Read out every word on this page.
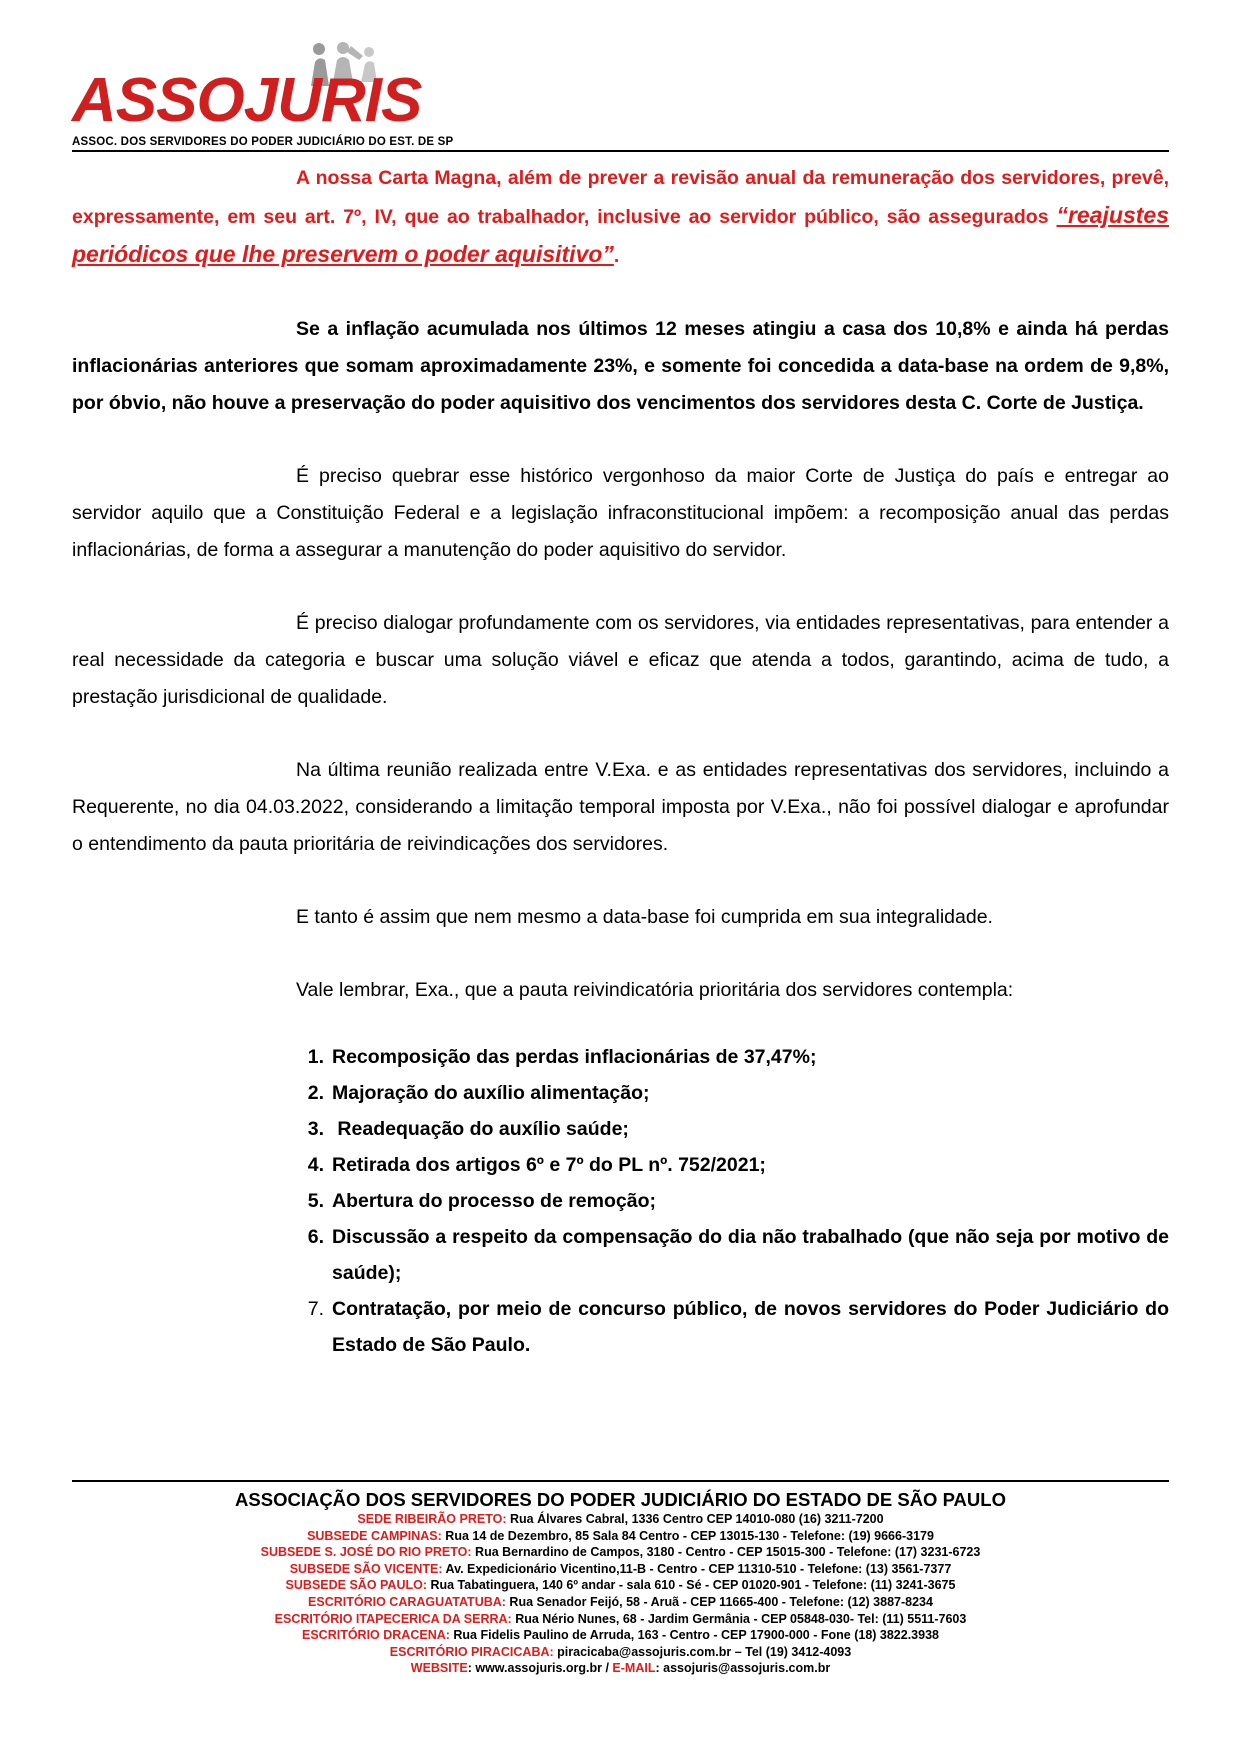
ASSOJURIS
ASSOC. DOS SERVIDORES DO PODER JUDICIÁRIO DO EST. DE SP

A nossa Carta Magna, além de prever a revisão anual da remuneração dos servidores, prevê, expressamente, em seu art. 7º, IV, que ao trabalhador, inclusive ao servidor público, são assegurados “reajustes periódicos que lhe preservem o poder aquisitivo”.

Se a inflação acumulada nos últimos 12 meses atingiu a casa dos 10,8% e ainda há perdas inflacionárias anteriores que somam aproximadamente 23%, e somente foi concedida a data-base na ordem de 9,8%, por óbvio, não houve a preservação do poder aquisitivo dos vencimentos dos servidores desta C. Corte de Justiça.

É preciso quebrar esse histórico vergonhoso da maior Corte de Justiça do país e entregar ao servidor aquilo que a Constituição Federal e a legislação infraconstitucional impõem: a recomposição anual das perdas inflacionárias, de forma a assegurar a manutenção do poder aquisitivo do servidor.

É preciso dialogar profundamente com os servidores, via entidades representativas, para entender a real necessidade da categoria e buscar uma solução viável e eficaz que atenda a todos, garantindo, acima de tudo, a prestação jurisdicional de qualidade.

Na última reunião realizada entre V.Exa. e as entidades representativas dos servidores, incluindo a Requerente, no dia 04.03.2022, considerando a limitação temporal imposta por V.Exa., não foi possível dialogar e aprofundar o entendimento da pauta prioritária de reivindicações dos servidores.

E tanto é assim que nem mesmo a data-base foi cumprida em sua integralidade.

Vale lembrar, Exa., que a pauta reivindicatória prioritária dos servidores contempla:

1. Recomposição das perdas inflacionárias de 37,47%;
2. Majoração do auxílio alimentação;
3. Readequação do auxílio saúde;
4. Retirada dos artigos 6º e 7º do PL nº. 752/2021;
5. Abertura do processo de remoção;
6. Discussão a respeito da compensação do dia não trabalhado (que não seja por motivo de saúde);
7. Contratação, por meio de concurso público, de novos servidores do Poder Judiciário do Estado de São Paulo.
ASSOCIAÇÃO DOS SERVIDORES DO PODER JUDICIÁRIO DO ESTADO DE SÃO PAULO
SEDE RIBEIRÃO PRETO: Rua Álvares Cabral, 1336 Centro CEP 14010-080 (16) 3211-7200
SUBSEDE CAMPINAS: Rua 14 de Dezembro, 85 Sala 84 Centro - CEP 13015-130 - Telefone: (19) 9666-3179
SUBSEDE S. JOSÉ DO RIO PRETO: Rua Bernardino de Campos, 3180 - Centro - CEP 15015-300 - Telefone: (17) 3231-6723
SUBSEDE SÃO VICENTE: Av. Expedicionário Vicentino,11-B - Centro - CEP 11310-510 - Telefone: (13) 3561-7377
SUBSEDE SÃO PAULO: Rua Tabatinguera, 140 6º andar - sala 610 - Sé - CEP 01020-901 - Telefone: (11) 3241-3675
ESCRITÓRIO CARAGUATATUBA: Rua Senador Feijó, 58 - Aruã - CEP 11665-400 - Telefone: (12) 3887-8234
ESCRITÓRIO ITAPECERICA DA SERRA: Rua Nério Nunes, 68 - Jardim Germânia - CEP 05848-030- Tel: (11) 5511-7603
ESCRITÓRIO DRACENA: Rua Fidelis Paulino de Arruda, 163 - Centro - CEP 17900-000 - Fone (18) 3822.3938
ESCRITÓRIO PIRACICABA: piracicaba@assojuris.com.br – Tel (19) 3412-4093
WEBSITE: www.assojuris.org.br / E-MAIL: assojuris@assojuris.com.br
